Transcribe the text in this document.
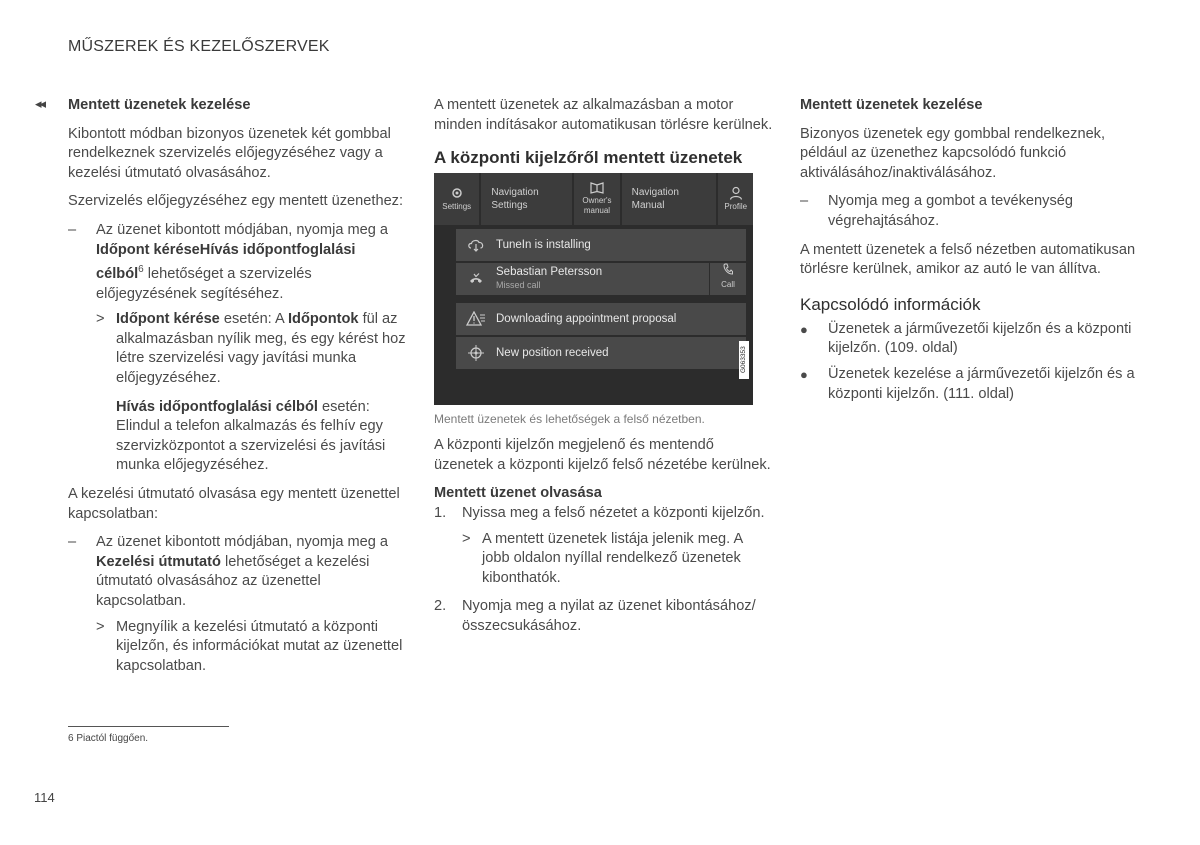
MŰSZEREK ÉS KEZELŐSZERVEK
◂◂ Mentett üzenetek kezelése

Kibontott módban bizonyos üzenetek két gombbal rendelkeznek szervizelés előjegyzéséhez vagy a kezelési útmutató olvasásához.

Szervizelés előjegyzéséhez egy mentett üzenethez:

– Az üzenet kibontott módjában, nyomja meg a Időpont kéréseHívás időpontfoglalási célból$^6$ lehetőséget a szervizelés előjegyzésének segítéséhez.
> Időpont kérése esetén: A Időpontok fül az alkalmazásban nyílik meg, és egy kérést hoz létre szervizelési vagy javítási munka előjegyzéséhez.
Hívás időpontfoglalási célból esetén: Elindul a telefon alkalmazás és felhív egy szervizközpontot a szervizelési és javítási munka előjegyzéséhez.

A kezelési útmutató olvasása egy mentett üzenettel kapcsolatban:

– Az üzenet kibontott módjában, nyomja meg a Kezelési útmutató lehetőséget a kezelési útmutató olvasásához az üzenettel kapcsolatban.
> Megnyílik a kezelési útmutató a központi kijelzőn, és információkat mutat az üzenettel kapcsolatban.

A mentett üzenetek az alkalmazásban a motor minden indításakor automatikusan törlésre kerülnek.

A központi kijelzőről mentett üzenetek
Settings
Navigation Settings	Owner's manual
Navigation Manual	Profile
TuneIn is installing
Sebastian Petersson
Missed call	Call
Downloading appointment proposal
New position received	G063353

Mentett üzenetek és lehetőségek a felső nézetben.

A központi kijelzőn megjelenő és mentendő üzenetek a központi kijelző felső nézetébe kerülnek.

Mentett üzenet olvasása

1. Nyissa meg a felső nézetet a központi kijelzőn.
> A mentett üzenetek listája jelenik meg. A jobb oldalon nyíllal rendelkező üzenetek kibonthatók.
2. Nyomja meg a nyilat az üzenet kibontásához/összecsukásához.

Mentett üzenetek kezelése

Bizonyos üzenetek egy gombbal rendelkeznek, például az üzenethez kapcsolódó funkció aktiválásához/inaktiválásához.

– Nyomja meg a gombot a tevékenység végrehajtásához.

A mentett üzenetek a felső nézetben automatikusan törlésre kerülnek, amikor az autó le van állítva.

Kapcsolódó információk
● Üzenetek a járművezetői kijelzőn és a központi kijelzőn. (109. oldal)
● Üzenetek kezelése a járművezetői kijelzőn és a központi kijelzőn. (111. oldal)
6 Piactól függően.
114
